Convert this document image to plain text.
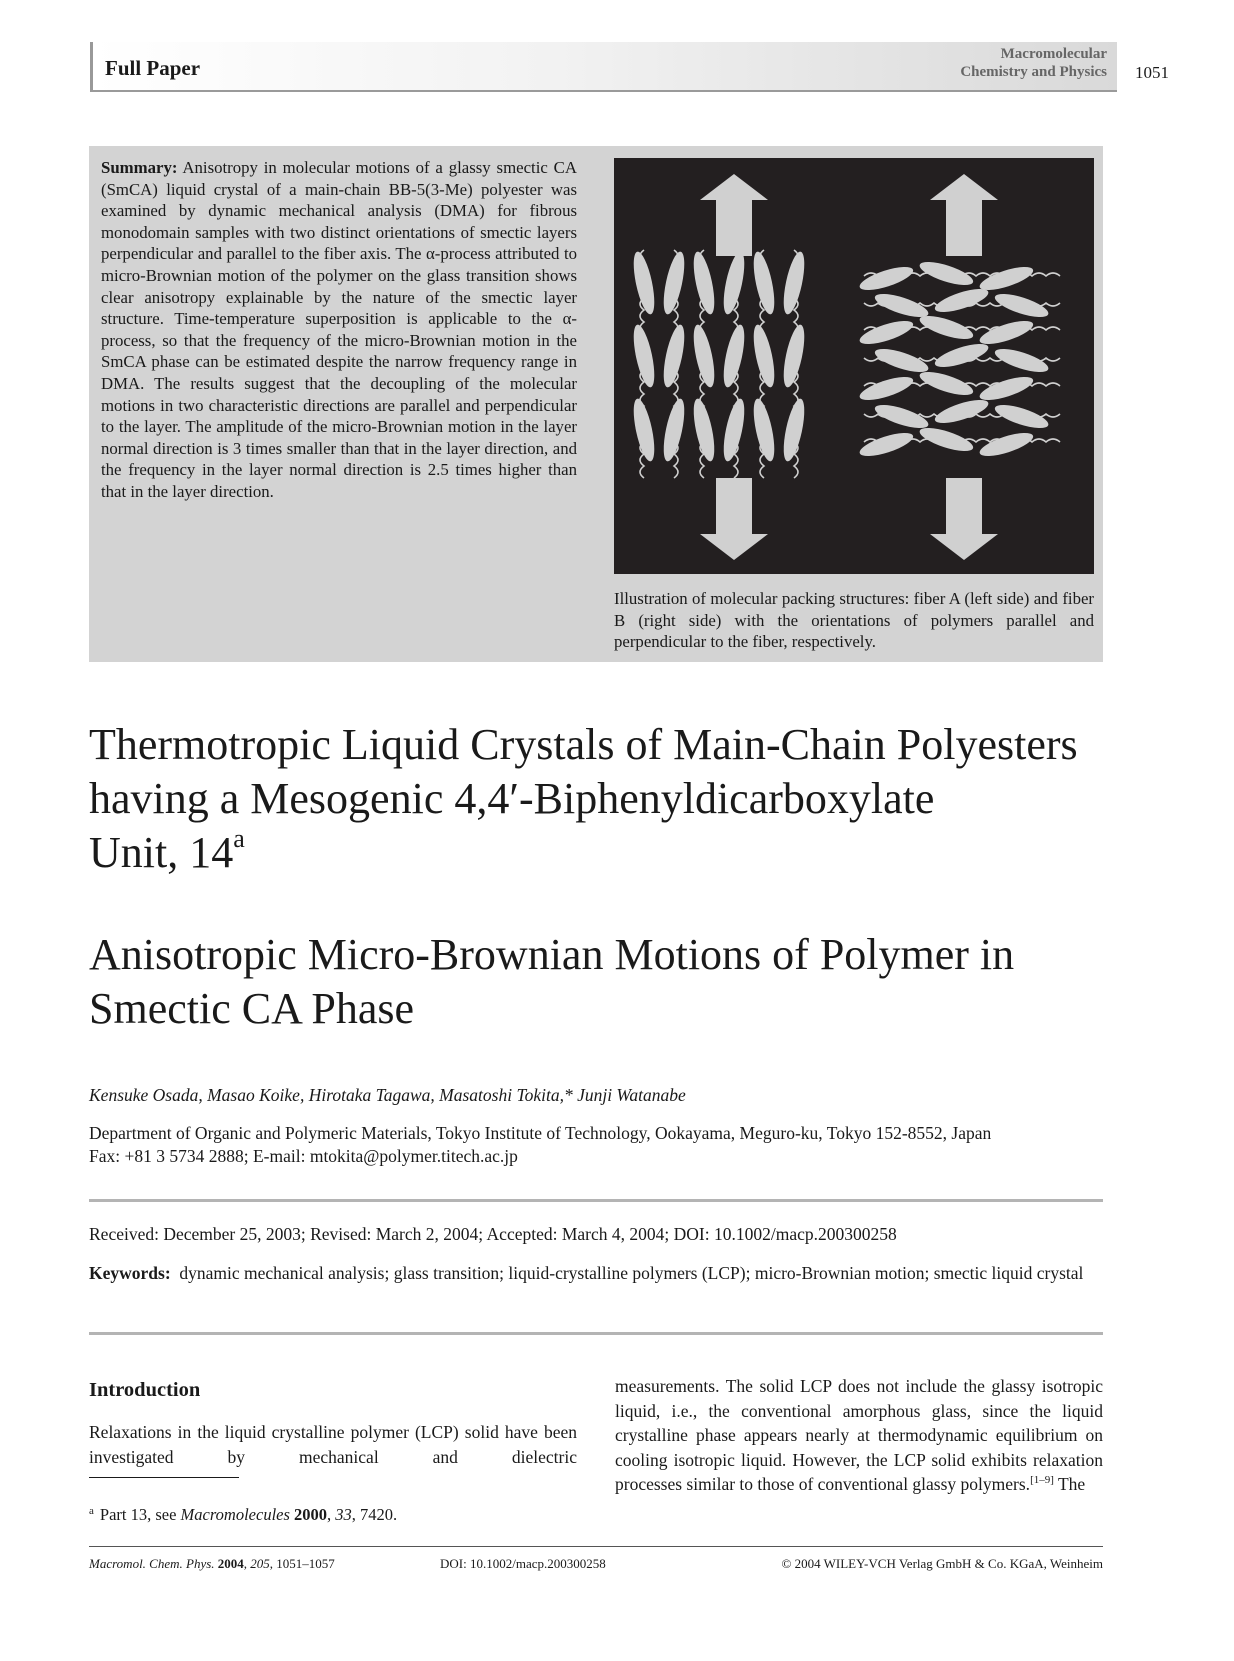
Full Paper
Macromolecular
Chemistry and Physics 1051

Summary: Anisotropy in molecular motions of a glassy smectic CA (SmCA) liquid crystal of a main-chain BB-5(3-Me) polyester was examined by dynamic mechanical analysis (DMA) for fibrous monodomain samples with two distinct orientations of smectic layers perpendicular and parallel to the fiber axis. The α-process attributed to micro-Brownian motion of the polymer on the glass transition shows clear anisotropy explainable by the nature of the smectic layer structure. Time-temperature superposition is applicable to the α-process, so that the frequency of the micro-Brownian motion in the SmCA phase can be estimated despite the narrow frequency range in DMA. The results suggest that the decoupling of the molecular motions in two characteristic directions are parallel and perpendicular to the layer. The amplitude of the micro-Brownian motion in the layer normal direction is 3 times smaller than that in the layer direction, and the frequency in the layer normal direction is 2.5 times higher than that in the layer direction.

Illustration of molecular packing structures: fiber A (left side) and fiber B (right side) with the orientations of polymers parallel and perpendicular to the fiber, respectively.

Thermotropic Liquid Crystals of Main-Chain Polyesters
having a Mesogenic 4,4′-Biphenyldicarboxylate
Unit, 14$^a$
Anisotropic Micro-Brownian Motions of Polymer in
Smectic CA Phase
Kensuke Osada, Masao Koike, Hirotaka Tagawa, Masatoshi Tokita,* Junji Watanabe
Department of Organic and Polymeric Materials, Tokyo Institute of Technology, Ookayama, Meguro-ku, Tokyo 152-8552, Japan
Fax: +81 3 5734 2888; E-mail: mtokita@polymer.titech.ac.jp
Received: December 25, 2003; Revised: March 2, 2004; Accepted: March 4, 2004; DOI: 10.1002/macp.200300258
Keywords: dynamic mechanical analysis; glass transition; liquid-crystalline polymers (LCP); micro-Brownian motion; smectic liquid crystal
Introduction

Relaxations in the liquid crystalline polymer (LCP) solid have been investigated by mechanical and dielectric

$^a$ Part 13, see Macromolecules 2000, 33, 7420.

measurements. The solid LCP does not include the glassy isotropic liquid, i.e., the conventional amorphous glass, since the liquid crystalline phase appears nearly at thermodynamic equilibrium on cooling isotropic liquid. However, the LCP solid exhibits relaxation processes similar to those of conventional glassy polymers.[1–9] The

Macromol. Chem. Phys. 2004, 205, 1051–1057	DOI: 10.1002/macp.200300258	© 2004 WILEY-VCH Verlag GmbH & Co. KGaA, Weinheim
